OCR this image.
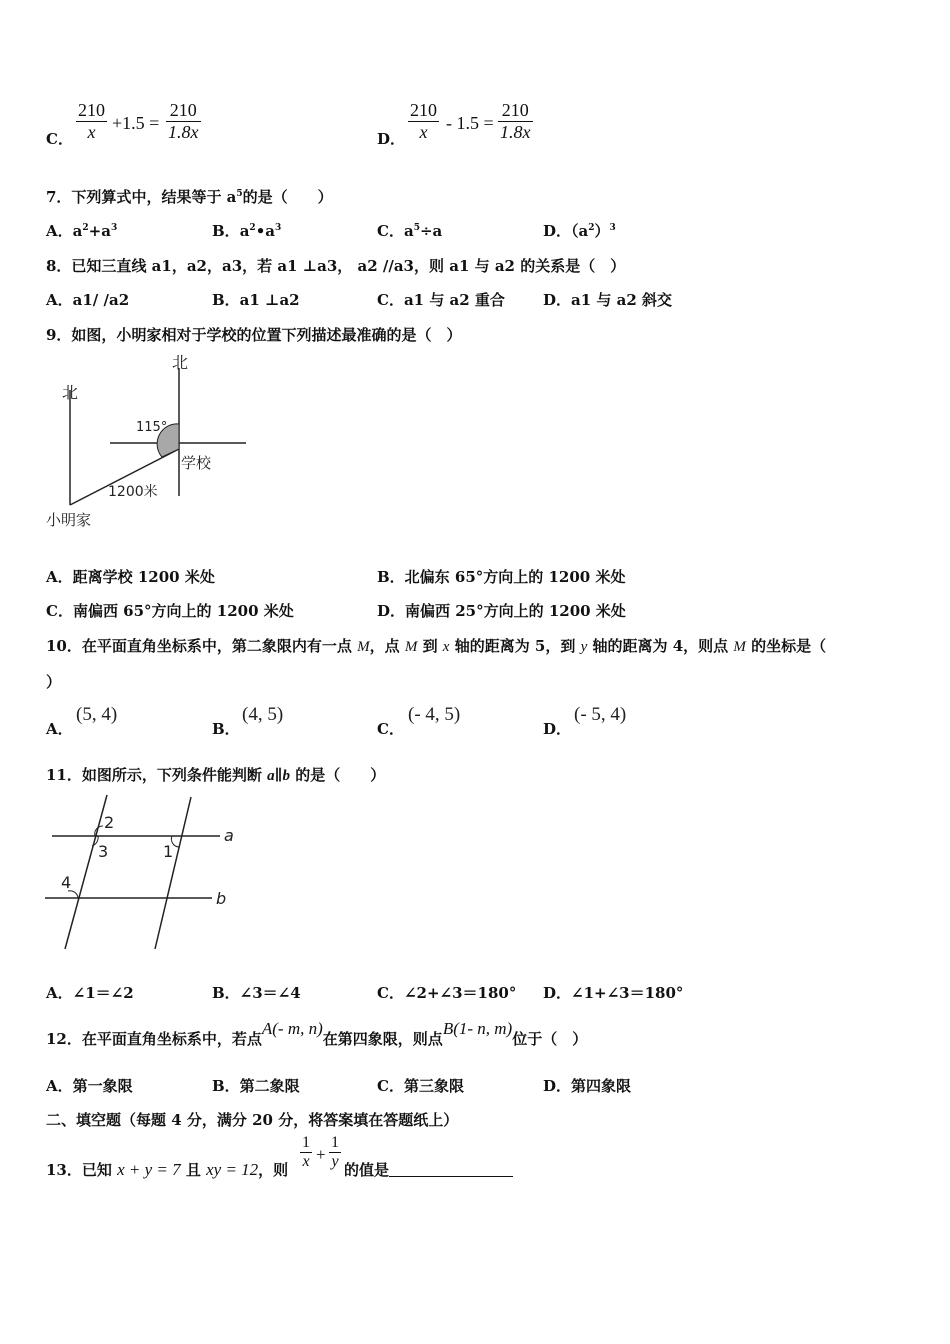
C．
210
x +1.5 =
210
1.8x	D．
210
x	- 1.5 =
210
1.8x
7．下列算式中，结果等于 $a^5$的是（　　）
A．$a^2+a^3$	B．$a^2•a^3$	C．$a^5\div a$	D．$(a^2)^3$
8．已知三直线 a1，a2，a3，若 a1 ⊥a3， a2 //a3，则 a1 与 a2 的关系是（　）
A．a1/ /a2	B．a1 ⊥a2	C．a1 与 a2 重合	D．a1 与 a2 斜交
9．如图，小明家相对于学校的位置下列描述最准确的是（　）
北
北
115°
学校
1200米
小明家
A．距离学校 1200 米处	B．北偏东 65°方向上的 1200 米处
C．南偏西 65°方向上的 1200 米处	D．南偏西 25°方向上的 1200 米处
10．在平面直角坐标系中，第二象限内有一点 M，点 M 到 x 轴的距离为 5，到 y 轴的距离为 4，则点 M 的坐标是（
）
A．
(5, 4)
B．
(4, 5)
C．
(- 4, 5)
D．
(- 5, 4)
11．如图所示，下列条件能判断 a∥b 的是（　　）
2
3	1
4
a
b
A．∠1＝∠2	B．∠3＝∠4	C．∠2+∠3＝180° D．∠1+∠3＝180°
12．在平面直角坐标系中，若点A(- m, n)在第四象限，则点B(1- n, m)位于（　）
A．第一象限	B．第二象限	C．第三象限	D．第四象限
二、填空题（每题 4 分，满分 20 分，将答案填在答题纸上）
13．已知 x + y = 7 且 xy = 12，则
1
x +
1
y 的值是
